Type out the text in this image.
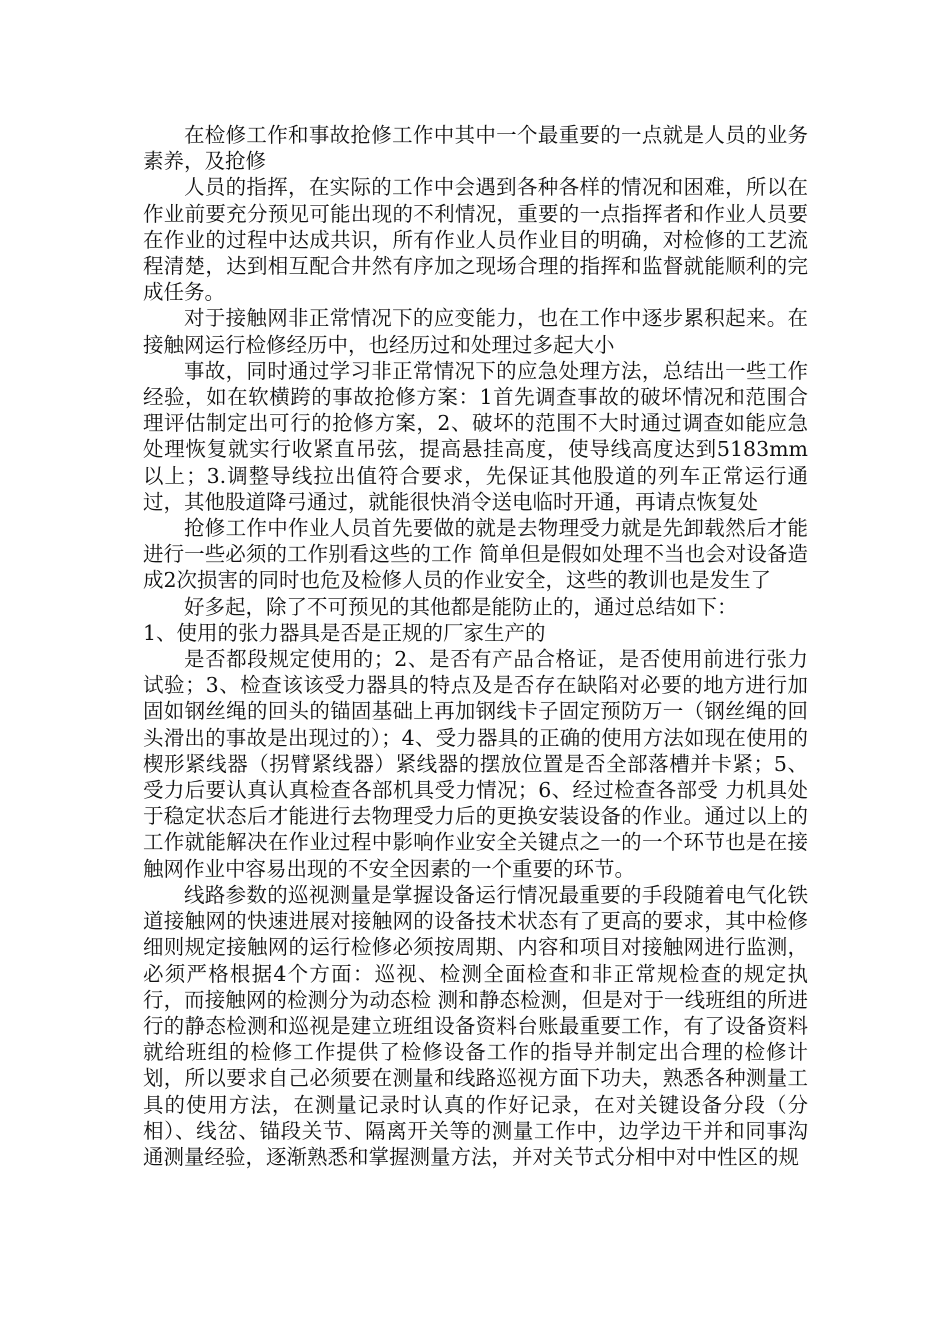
在检修工作和事故抢修工作中其中一个最重要的一点就是人员的业务素养，及抢修

人员的指挥，在实际的工作中会遇到各种各样的情况和困难，所以在作业前要充分预见可能出现的不利情况，重要的一点指挥者和作业人员要在作业的过程中达成共识，所有作业人员作业目的明确，对检修的工艺流程清楚，达到相互配合井然有序加之现场合理的指挥和监督就能顺利的完成任务。

对于接触网非正常情况下的应变能力，也在工作中逐步累积起来。在接触网运行检修经历中，也经历过和处理过多起大小

事故，同时通过学习非正常情况下的应急处理方法，总结出一些工作经验，如在软横跨的事故抢修方案：1首先调查事故的破坏情况和范围合理评估制定出可行的抢修方案，2、破坏的范围不大时通过调查如能应急处理恢复就实行收紧直吊弦，提高悬挂高度，使导线高度达到5183mm以上；3.调整导线拉出值符合要求，先保证其他股道的列车正常运行通过，其他股道降弓通过，就能很快消令送电临时开通，再请点恢复处

抢修工作中作业人员首先要做的就是去物理受力就是先卸载然后才能进行一些必须的工作别看这些的工作 简单但是假如处理不当也会对设备造成2次损害的同时也危及检修人员的作业安全，这些的教训也是发生了

好多起，除了不可预见的其他都是能防止的，通过总结如下：

1、使用的张力器具是否是正规的厂家生产的

是否都段规定使用的；2、是否有产品合格证，是否使用前进行张力试验；3、检查该该受力器具的特点及是否存在缺陷对必要的地方进行加固如钢丝绳的回头的锚固基础上再加钢线卡子固定预防万一（钢丝绳的回头滑出的事故是出现过的）；4、受力器具的正确的使用方法如现在使用的楔形紧线器（拐臂紧线器）紧线器的摆放位置是否全部落槽并卡紧；5、受力后要认真认真检查各部机具受力情况；6、经过检查各部受 力机具处于稳定状态后才能进行去物理受力后的更换安装设备的作业。通过以上的工作就能解决在作业过程中影响作业安全关键点之一的一个环节也是在接触网作业中容易出现的不安全因素的一个重要的环节。

线路参数的巡视测量是掌握设备运行情况最重要的手段随着电气化铁道接触网的快速进展对接触网的设备技术状态有了更高的要求，其中检修细则规定接触网的运行检修必须按周期、内容和项目对接触网进行监测，必须严格根据4个方面：巡视、检测全面检查和非正常规检查的规定执行，而接触网的检测分为动态检 测和静态检测，但是对于一线班组的所进行的静态检测和巡视是建立班组设备资料台账最重要工作，有了设备资料就给班组的检修工作提供了检修设备工作的指导并制定出合理的检修计划，所以要求自己必须要在测量和线路巡视方面下功夫，熟悉各种测量工具的使用方法，在测量记录时认真的作好记录，在对关键设备分段（分相）、线岔、锚段关节、隔离开关等的测量工作中，边学边干并和同事沟通测量经验，逐渐熟悉和掌握测量方法，并对关节式分相中对中性区的规
